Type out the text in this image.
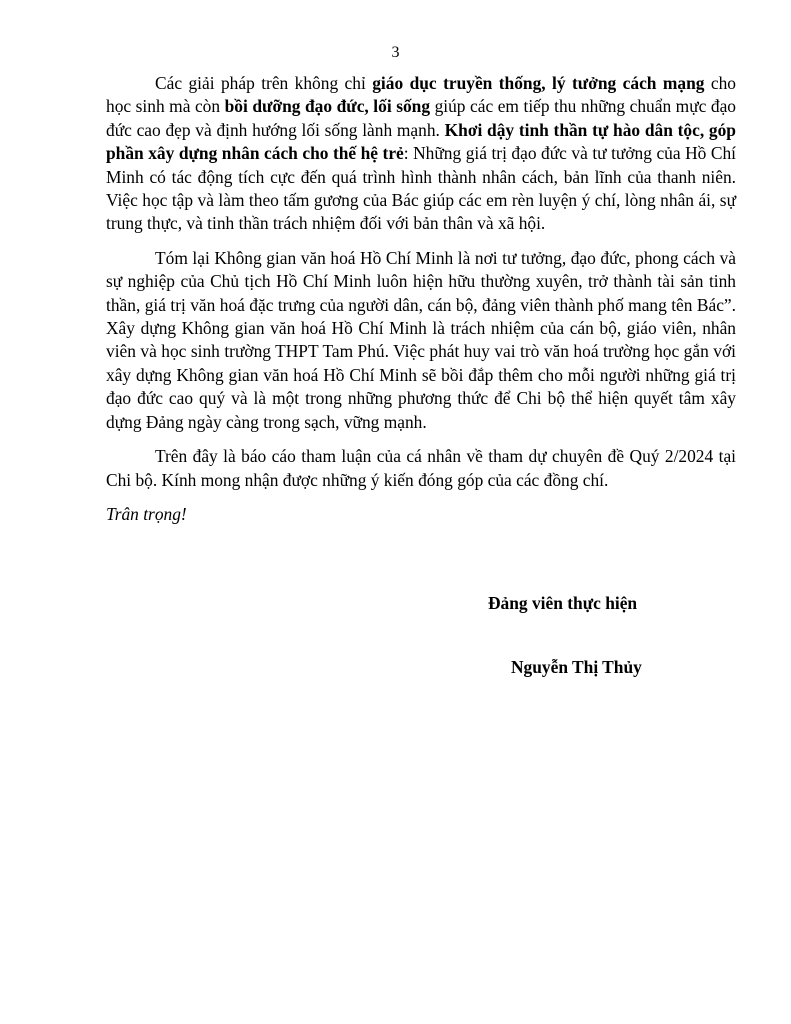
3

Các giải pháp trên không chỉ giáo dục truyền thống, lý tưởng cách mạng cho học sinh mà còn bồi dưỡng đạo đức, lối sống giúp các em tiếp thu những chuẩn mực đạo đức cao đẹp và định hướng lối sống lành mạnh. Khơi dậy tinh thần tự hào dân tộc, góp phần xây dựng nhân cách cho thế hệ trẻ: Những giá trị đạo đức và tư tưởng của Hồ Chí Minh có tác động tích cực đến quá trình hình thành nhân cách, bản lĩnh của thanh niên. Việc học tập và làm theo tấm gương của Bác giúp các em rèn luyện ý chí, lòng nhân ái, sự trung thực, và tinh thần trách nhiệm đối với bản thân và xã hội.

Tóm lại Không gian văn hoá Hồ Chí Minh là nơi tư tưởng, đạo đức, phong cách và sự nghiệp của Chủ tịch Hồ Chí Minh luôn hiện hữu thường xuyên, trở thành tài sản tinh thần, giá trị văn hoá đặc trưng của người dân, cán bộ, đảng viên thành phố mang tên Bác”. Xây dựng Không gian văn hoá Hồ Chí Minh là trách nhiệm của cán bộ, giáo viên, nhân viên và học sinh trường THPT Tam Phú. Việc phát huy vai trò văn hoá trường học gắn với xây dựng Không gian văn hoá Hồ Chí Minh sẽ bồi đắp thêm cho mỗi người những giá trị đạo đức cao quý và là một trong những phương thức để Chi bộ thể hiện quyết tâm xây dựng Đảng ngày càng trong sạch, vững mạnh.

Trên đây là báo cáo tham luận của cá nhân về tham dự chuyên đề Quý 2/2024 tại Chi bộ. Kính mong nhận được những ý kiến đóng góp của các đồng chí.

Trân trọng!

Đảng viên thực hiện
Nguyễn Thị Thủy
